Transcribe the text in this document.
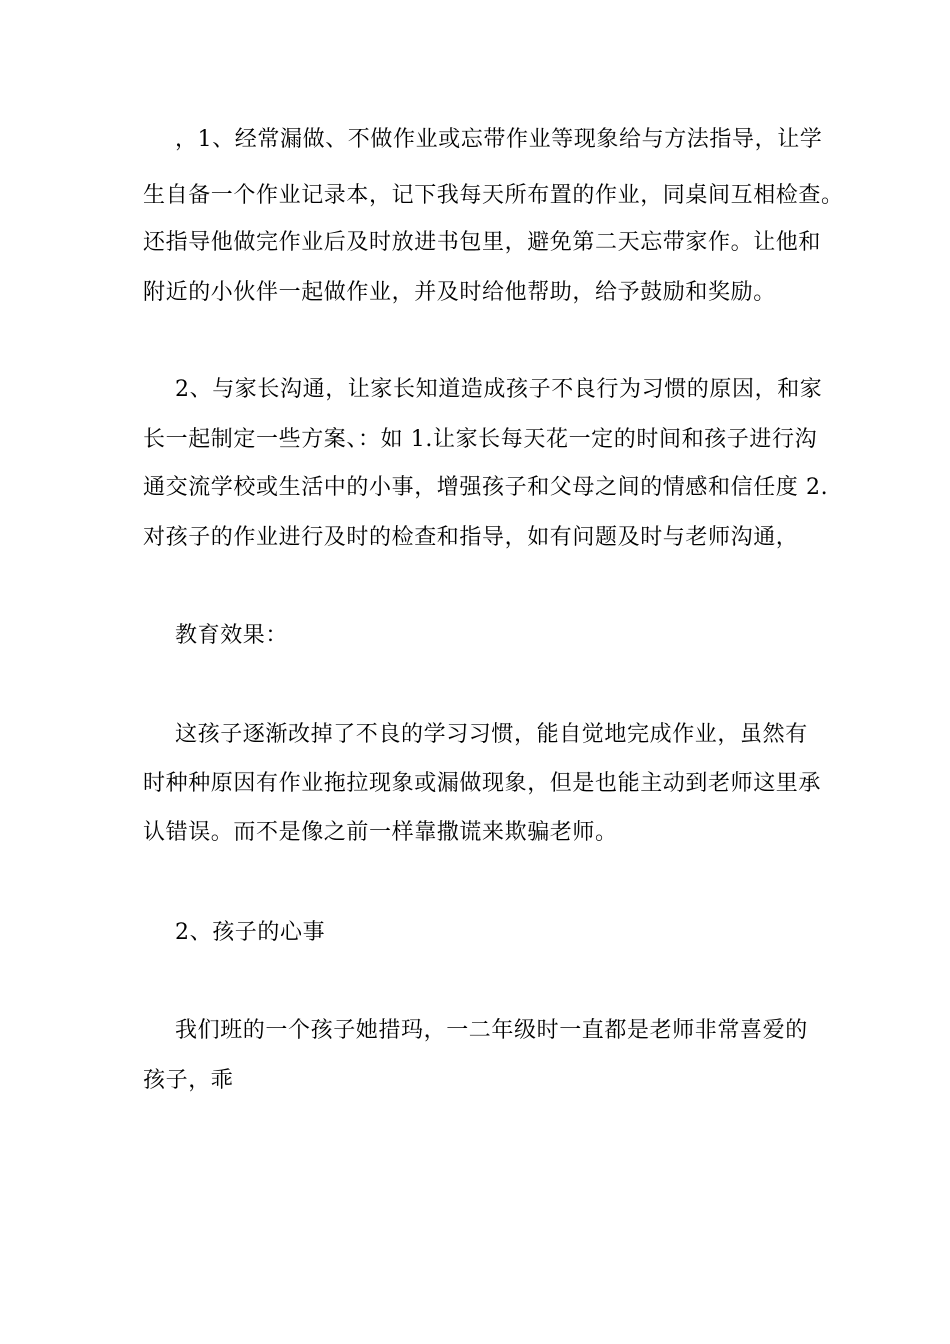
，1、经常漏做、不做作业或忘带作业等现象给与方法指导，让学
生自备一个作业记录本，记下我每天所布置的作业，同桌间互相检查。
还指导他做完作业后及时放进书包里，避免第二天忘带家作。让他和
附近的小伙伴一起做作业，并及时给他帮助，给予鼓励和奖励。
2、与家长沟通，让家长知道造成孩子不良行为习惯的原因，和家
长一起制定一些方案、：如 1.让家长每天花一定的时间和孩子进行沟
通交流学校或生活中的小事，增强孩子和父母之间的情感和信任度 2.
对孩子的作业进行及时的检查和指导，如有问题及时与老师沟通，
教育效果：
这孩子逐渐改掉了不良的学习习惯，能自觉地完成作业，虽然有
时种种原因有作业拖拉现象或漏做现象，但是也能主动到老师这里承
认错误。而不是像之前一样靠撒谎来欺骗老师。
2、孩子的心事
我们班的一个孩子她措玛，一二年级时一直都是老师非常喜爱的
孩子，乖
